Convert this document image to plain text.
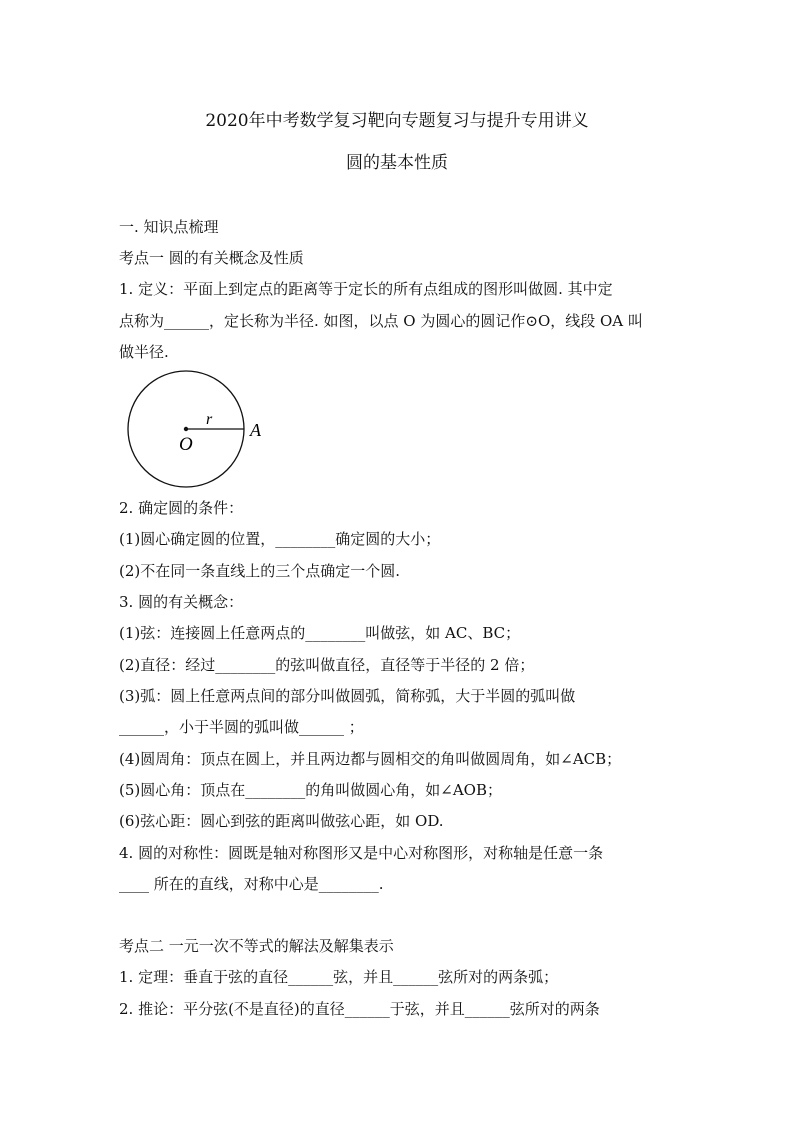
2020年中考数学复习靶向专题复习与提升专用讲义
圆的基本性质
一. 知识点梳理
考点一 圆的有关概念及性质
1. 定义：平面上到定点的距离等于定长的所有点组成的图形叫做圆. 其中定
点称为______，定长称为半径. 如图，以点 O 为圆心的圆记作⊙O，线段 OA 叫
做半径.
O
r
A
2. 确定圆的条件：
(1)圆心确定圆的位置，________确定圆的大小；
(2)不在同一条直线上的三个点确定一个圆.
3. 圆的有关概念：
(1)弦：连接圆上任意两点的________叫做弦，如 AC、BC；
(2)直径：经过________的弦叫做直径，直径等于半径的 2 倍；
(3)弧：圆上任意两点间的部分叫做圆弧，简称弧，大于半圆的弧叫做
______，小于半圆的弧叫做______ ；
(4)圆周角：顶点在圆上，并且两边都与圆相交的角叫做圆周角，如∠ACB；
(5)圆心角：顶点在________的角叫做圆心角，如∠AOB；
(6)弦心距：圆心到弦的距离叫做弦心距，如 OD.
4. 圆的对称性：圆既是轴对称图形又是中心对称图形，对称轴是任意一条
____ 所在的直线，对称中心是________.
考点二 一元一次不等式的解法及解集表示
1. 定理：垂直于弦的直径______弦，并且______弦所对的两条弧；
2. 推论：平分弦(不是直径)的直径______于弦，并且______弦所对的两条
